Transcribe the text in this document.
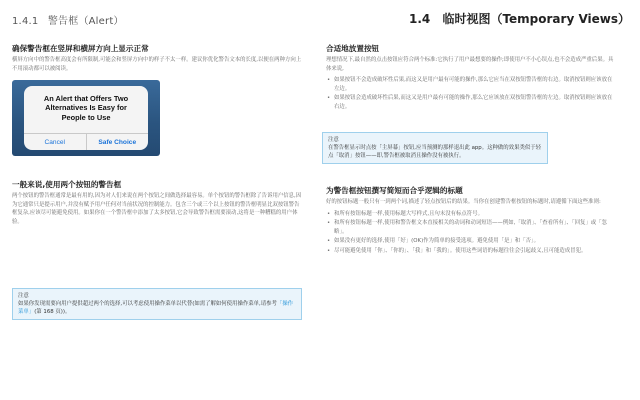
1.4.1 警告框（Alert）	1.4 临时视图（Temporary Views）
确保警告框在竖屏和横屏方向上显示正常

横屏方向中的警告框高度会有所限制,可能会和竖屏方向中的样子不太一样。建议你优化警告文本的长度,以便在两种方向上不用滚动都可以被阅读。

An Alert that Offers Two
Alternatives Is Easy for
People to Use
Cancel	Safe Choice
一般来说,使用两个按钮的警告框

两个按钮的警告框通常是最有用的,因为对人们来说在两个按钮之间做选择最容易。单个按钮的警告框除了告诉用户信息,因为它通常只是提示用户,并没有赋予用户任何对当前状况的控制能力。包含三个或三个以上按钮的警告框明显比双按钮警告框复杂,应该尽可能避免使用。如果你在一个警告框中添加了太多按钮,它会导致警告框需要滚动,这将是一种糟糕的用户体验。

注意
如果你发现需要向用户提供超过两个的选择,可以考虑使用操作菜单以代替(如需了解如何使用操作菜单,请参考「操作菜单」(第 168 页))。
合适地放置按钮

理想情况下,最自然的点击按钮应符合两个标准:它执行了用户最想要的操作;即使用户不小心误点,也不会造成严重后果。具体来说,

• 如果按钮不会造成破坏性后果,而这又是用户最有可能的操作,那么它应当在双按钮警告框的右边。取消按钮则应该放在左边。
• 如果按钮会造成破坏性后果,而这又是用户最有可能的操作,那么它应该放在双按钮警告框的左边。取消按钮则应该放在右边。
注意
在警告框显示时点按「主屏幕」按钮,应当预测的那样退出此 app。这种做的效果类似于轻点「取消」按钮——即,警告框被取消且操作没有被执行。
为警告框按钮撰写简短而合乎逻辑的标题

好的按钮标题一般只有一到两个词,描述了轻点按钮后的结果。当你在创建警告框按钮的标题时,请遵循下面这些准则:

• 和所有按钮标题一样,使用标题大写样式,且句末没有标点符号。
• 和所有按钮标题一样,使用和警告框文本直接相关的动词和动词短语——例如,「取消」、「查看所有」、「回复」或「忽略」。
• 如果没有更好的选择,使用「好」(OK)作为简单的接受选项。避免使用「是」和「否」。
• 尽可能避免使用「你」、「你的」、「我」和「我的」。使用这些词语的标题往往会引起歧义,且可能造成冒犯。
